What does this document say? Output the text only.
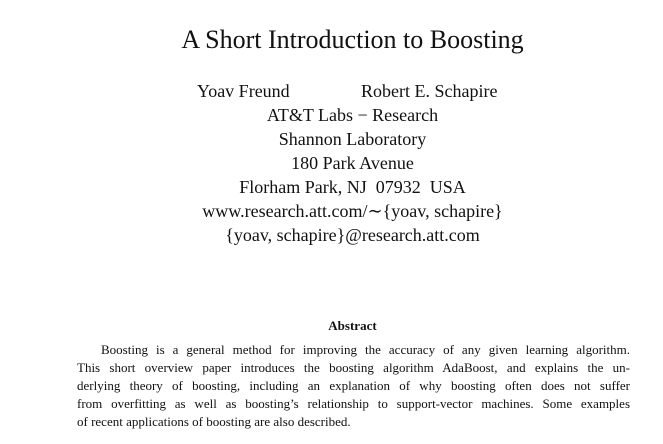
A Short Introduction to Boosting
Yoav Freund	Robert E. Schapire
AT&T Labs − Research
Shannon Laboratory
180 Park Avenue
Florham Park, NJ  07932  USA
www.research.att.com/∼{yoav, schapire}
{yoav, schapire}@research.att.com
Abstract
Boosting is a general method for improving the accuracy of any given learning algorithm.
This short overview paper introduces the boosting algorithm AdaBoost, and explains the un-
derlying theory of boosting, including an explanation of why boosting often does not suffer
from overfitting as well as boosting’s relationship to support-vector machines. Some examples
of recent applications of boosting are also described.
